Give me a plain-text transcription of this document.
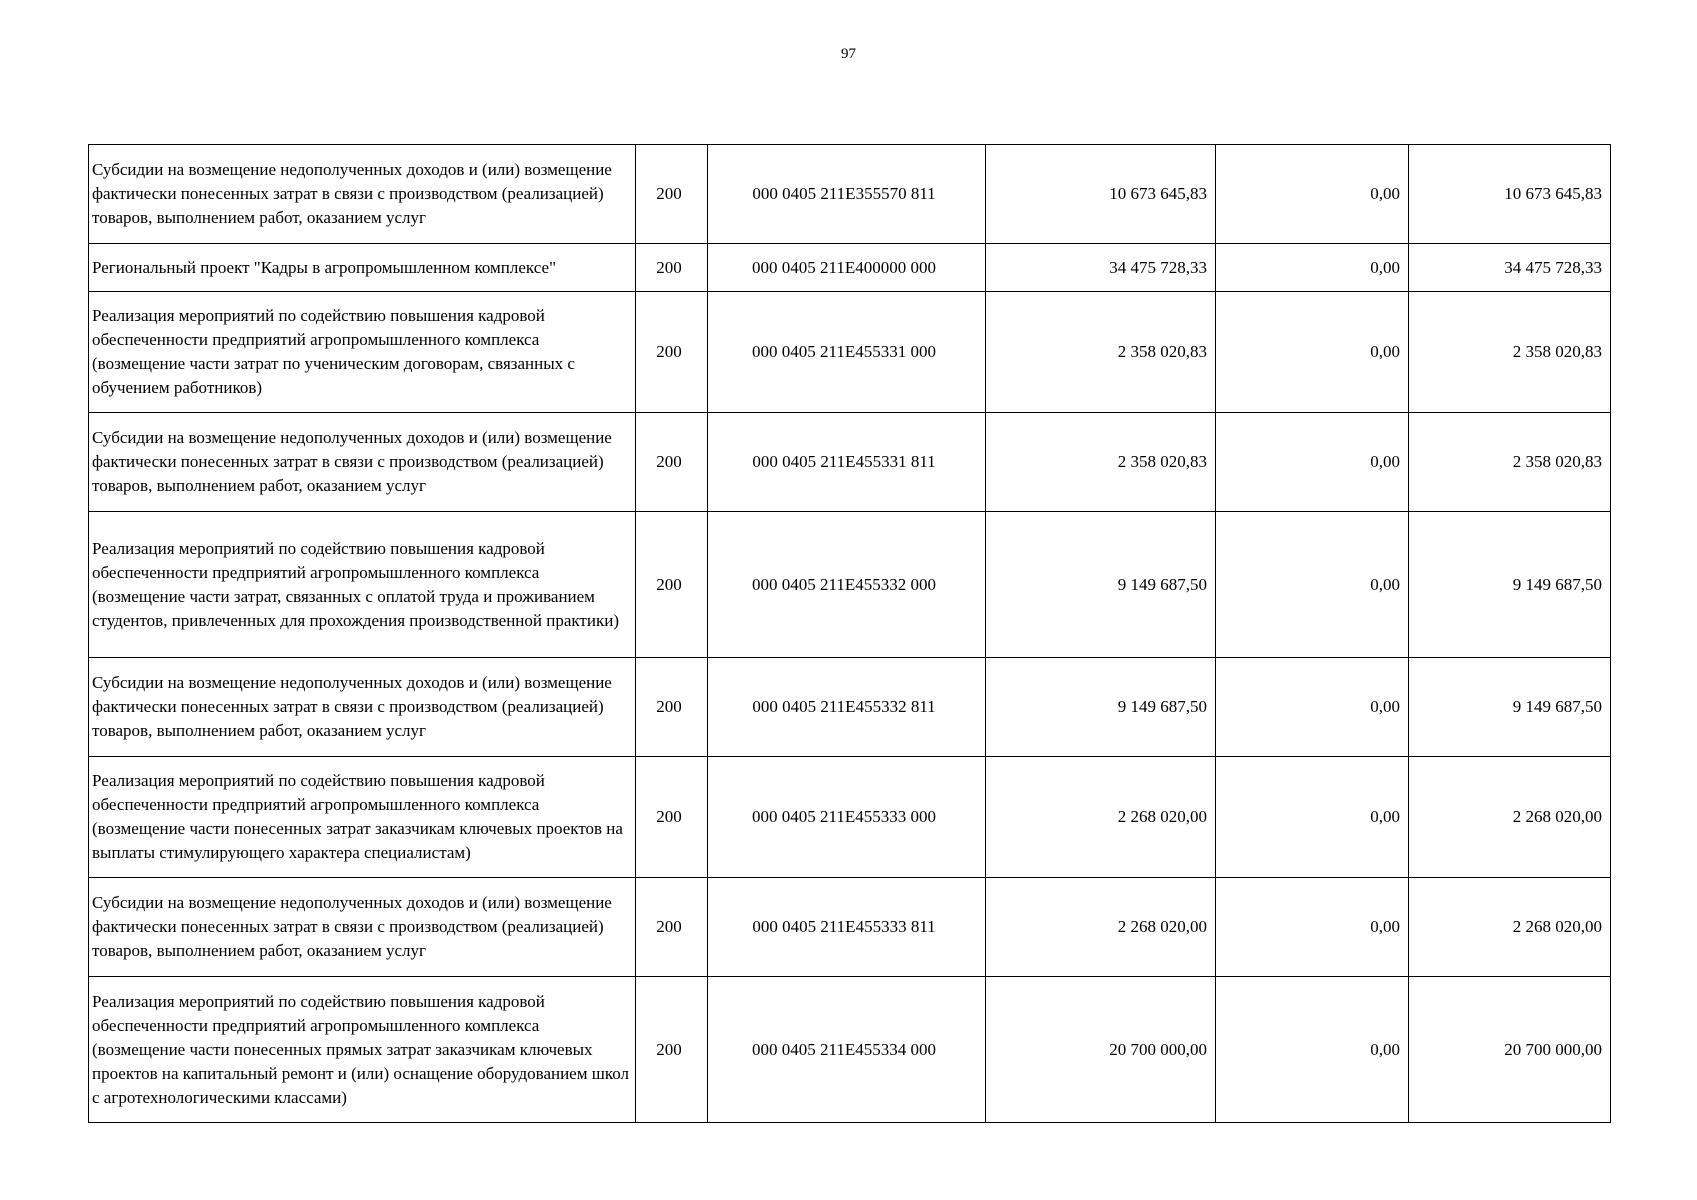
97
Субсидии на возмещение недополученных доходов и (или) возмещение фактически понесенных затрат в связи с производством (реализацией) товаров, выполнением работ, оказанием услуг	200	000 0405 211E355570 811	10 673 645,83	0,00	10 673 645,83
Региональный проект "Кадры в агропромышленном комплексе"	200	000 0405 211E400000 000	34 475 728,33	0,00	34 475 728,33
Реализация мероприятий по содействию повышения кадровой обеспеченности предприятий агропромышленного комплекса (возмещение части затрат по ученическим договорам, связанных с обучением работников)	200	000 0405 211E455331 000	2 358 020,83	0,00	2 358 020,83
Субсидии на возмещение недополученных доходов и (или) возмещение фактически понесенных затрат в связи с производством (реализацией) товаров, выполнением работ, оказанием услуг	200	000 0405 211E455331 811	2 358 020,83	0,00	2 358 020,83
Реализация мероприятий по содействию повышения кадровой обеспеченности предприятий агропромышленного комплекса (возмещение части затрат, связанных с оплатой труда и проживанием студентов, привлеченных для прохождения производственной практики)	200	000 0405 211E455332 000	9 149 687,50	0,00	9 149 687,50
Субсидии на возмещение недополученных доходов и (или) возмещение фактически понесенных затрат в связи с производством (реализацией) товаров, выполнением работ, оказанием услуг	200	000 0405 211E455332 811	9 149 687,50	0,00	9 149 687,50
Реализация мероприятий по содействию повышения кадровой обеспеченности предприятий агропромышленного комплекса (возмещение части понесенных затрат заказчикам ключевых проектов на выплаты стимулирующего характера специалистам)	200	000 0405 211E455333 000	2 268 020,00	0,00	2 268 020,00
Субсидии на возмещение недополученных доходов и (или) возмещение фактически понесенных затрат в связи с производством (реализацией) товаров, выполнением работ, оказанием услуг	200	000 0405 211E455333 811	2 268 020,00	0,00	2 268 020,00
Реализация мероприятий по содействию повышения кадровой обеспеченности предприятий агропромышленного комплекса (возмещение части понесенных прямых затрат заказчикам ключевых проектов на капитальный ремонт и (или) оснащение оборудованием школ с агротехнологическими классами)	200	000 0405 211E455334 000	20 700 000,00	0,00	20 700 000,00
